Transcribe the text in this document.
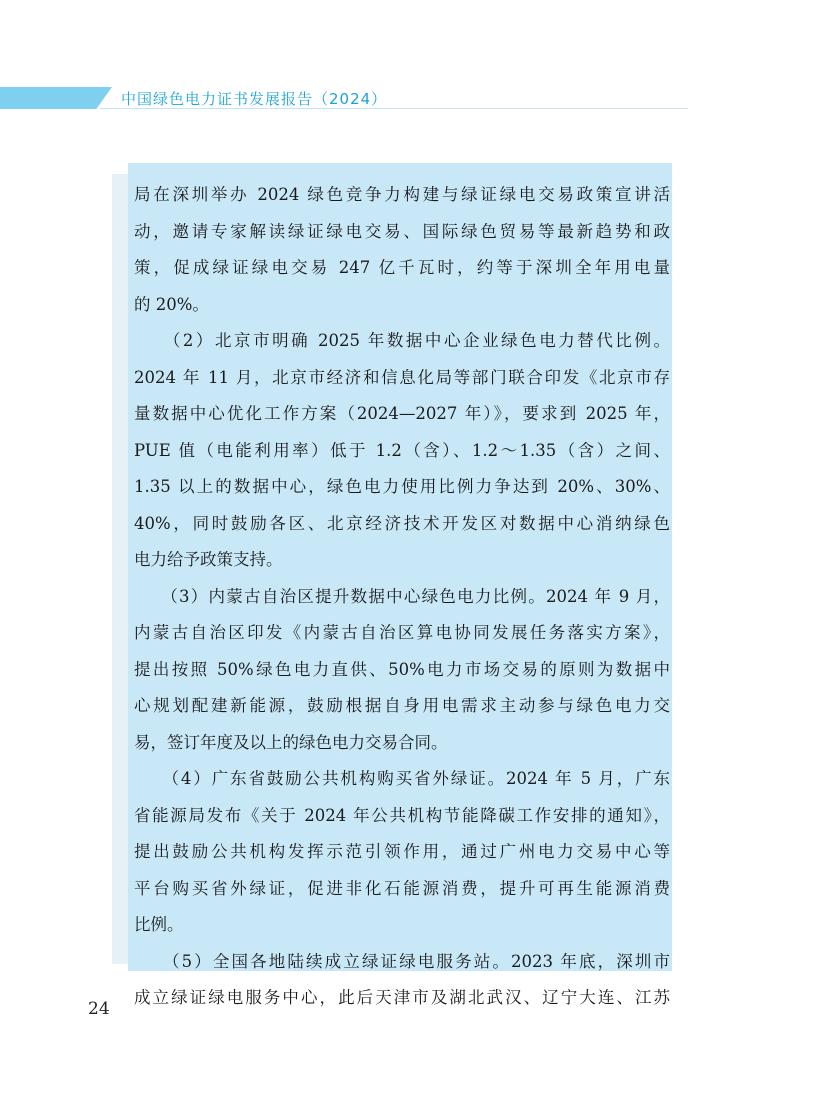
中国绿色电力证书发展报告（2024）
局在深圳举办 2024 绿色竞争力构建与绿证绿电交易政策宣讲活
动，邀请专家解读绿证绿电交易、国际绿色贸易等最新趋势和政
策，促成绿证绿电交易 247 亿千瓦时，约等于深圳全年用电量
的 20%。
　　（2）北京市明确 2025 年数据中心企业绿色电力替代比例。
2024 年 11 月，北京市经济和信息化局等部门联合印发《北京市存
量数据中心优化工作方案（2024—2027 年）》，要求到 2025 年，
PUE 值（电能利用率）低于 1.2（含）、1.2～1.35（含）之间、
1.35 以上的数据中心，绿色电力使用比例力争达到 20%、30%、
40%，同时鼓励各区、北京经济技术开发区对数据中心消纳绿色
电力给予政策支持。
　　（3）内蒙古自治区提升数据中心绿色电力比例。2024 年 9 月，
内蒙古自治区印发《内蒙古自治区算电协同发展任务落实方案》，
提出按照 50%绿色电力直供、50%电力市场交易的原则为数据中
心规划配建新能源，鼓励根据自身用电需求主动参与绿色电力交
易，签订年度及以上的绿色电力交易合同。
　　（4）广东省鼓励公共机构购买省外绿证。2024 年 5 月，广东
省能源局发布《关于 2024 年公共机构节能降碳工作安排的通知》，
提出鼓励公共机构发挥示范引领作用，通过广州电力交易中心等
平台购买省外绿证，促进非化石能源消费，提升可再生能源消费
比例。
　　（5）全国各地陆续成立绿证绿电服务站。2023 年底，深圳市
成立绿证绿电服务中心，此后天津市及湖北武汉、辽宁大连、江苏
24
